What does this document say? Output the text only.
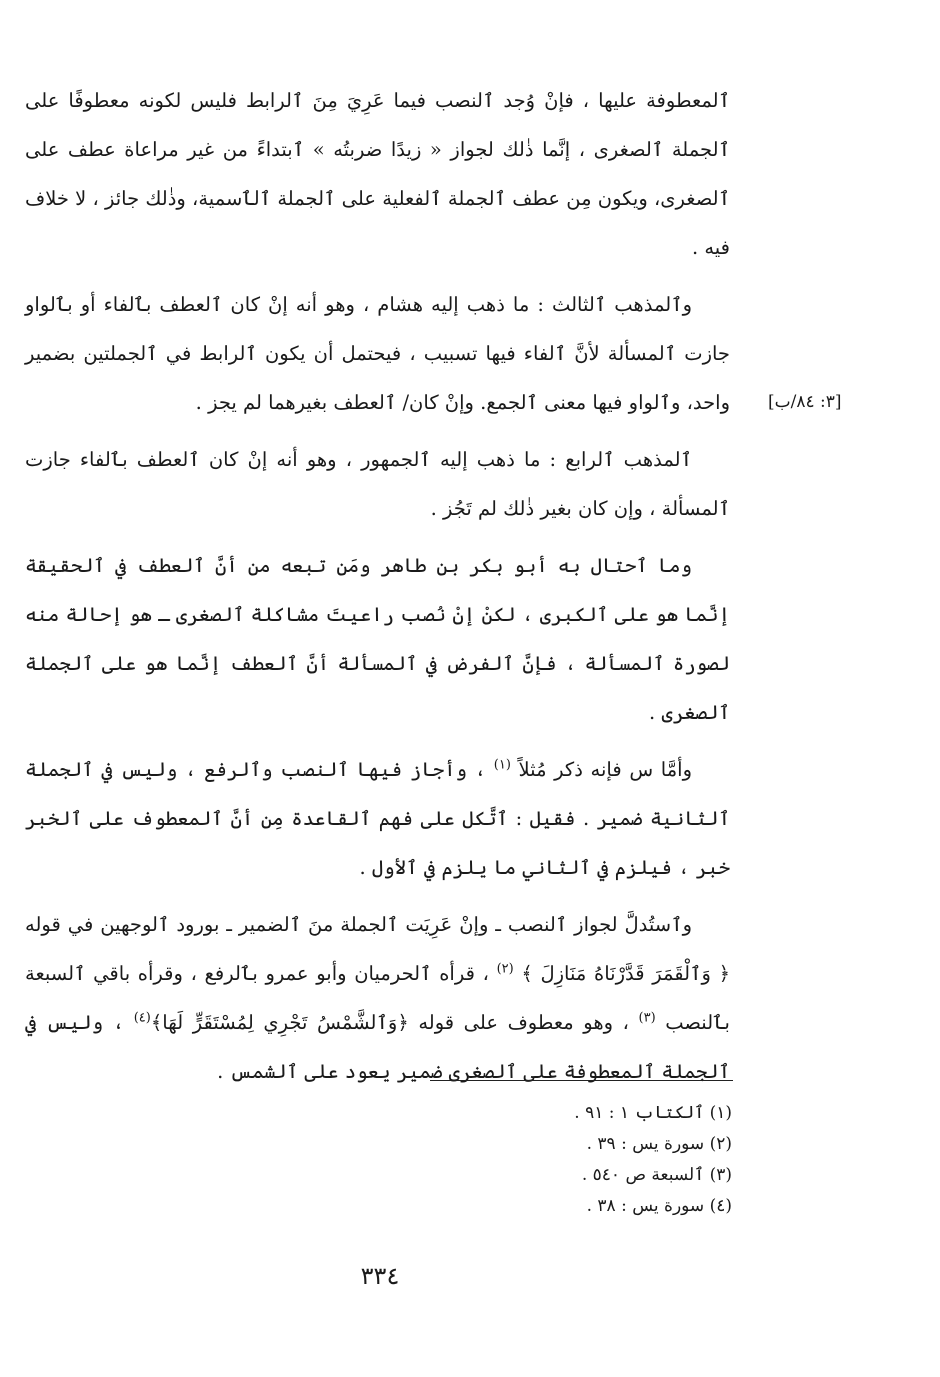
ٱلمعطوفة عليها ، فإنْ وُجد ٱلنصب فيما عَرِيَ مِنَ ٱلرابط فليس لكونه معطوفًا على ٱلجملة ٱلصغرى ، إنَّما ذٰلك لجواز « زيدًا ضربتُه » ٱبتداءً من غير مراعاة عطف على ٱلصغرى، ويكون مِن عطف ٱلجملة ٱلفعلية على ٱلجملة ٱلٱسمية، وذٰلك جائز ، لا خلاف فيه .

وٱلمذهب ٱلثالث : ما ذهب إليه هشام ، وهو أنه إنْ كان ٱلعطف بٱلفاء أو بٱلواو جازت ٱلمسألة لأنَّ ٱلفاء فيها تسبيب ، فيحتمل أن يكون ٱلرابط في ٱلجملتين بضمير واحد، وٱلواو فيها معنى ٱلجمع. وإنْ كان/ ٱلعطف بغيرهما لم يجز .

ٱلمذهب ٱلرابع : ما ذهب إليه ٱلجمهور ، وهو أنه إنْ كان ٱلعطف بٱلفاء جازت ٱلمسألة ، وإن كان بغير ذٰلك لم تَجُز .

وما ٱحتال به أبو بكر بن طاهر ومَن تبعه من أنَّ ٱلعطف في ٱلحقيقة إنَّما هو على ٱلكبرى ، لكنْ إنْ نُصب راعيتَ مشاكلة ٱلصغرى ـ هو إحالة منه لصورة ٱلمسألة ، فإنَّ ٱلفرض في ٱلمسألة أنَّ ٱلعطف إنَّما هو على ٱلجملة ٱلصغرى .

وأمَّا س فإنه ذكر مُثلاً $^{(١)}$ ، وأجاز فيها ٱلنصب وٱلرفع ، وليس في ٱلجملة ٱلثانية ضمير . فقيل : ٱتَّكل على فهم ٱلقاعدة مِن أنَّ ٱلمعطوف على ٱلخبر خبر ، فيلزم في ٱلثاني ما يلزم في ٱلأول .

وٱستُدلَّ لجواز ٱلنصب ـ وإنْ عَرِيَت ٱلجملة منَ ٱلضمير ـ بورود ٱلوجهين في قوله ﴿ وَٱلْقَمَرَ قَدَّرْنَاهُ مَنَازِلَ ﴾ $^{(٢)}$ ، قرأه ٱلحرميان وأبو عمرو بٱلرفع ، وقرأه باقي ٱلسبعة بٱلنصب $^{(٣)}$ ، وهو معطوف على قوله ﴿وَٱلشَّمْسُ تَجْرِي لِمُسْتَقَرٍّ لَهَا﴾$^{(٤)}$ ، وليس في ٱلجملة ٱلمعطوفة على ٱلصغرى ضمير يعود على ٱلشمس .

[٣: ٨٤/ب]

(١) ٱلكتاب ١ : ٩١ .

(٢) سورة يس : ٣٩ .

(٣) ٱلسبعة ص ٥٤٠ .

(٤) سورة يس : ٣٨ .

٣٣٤
